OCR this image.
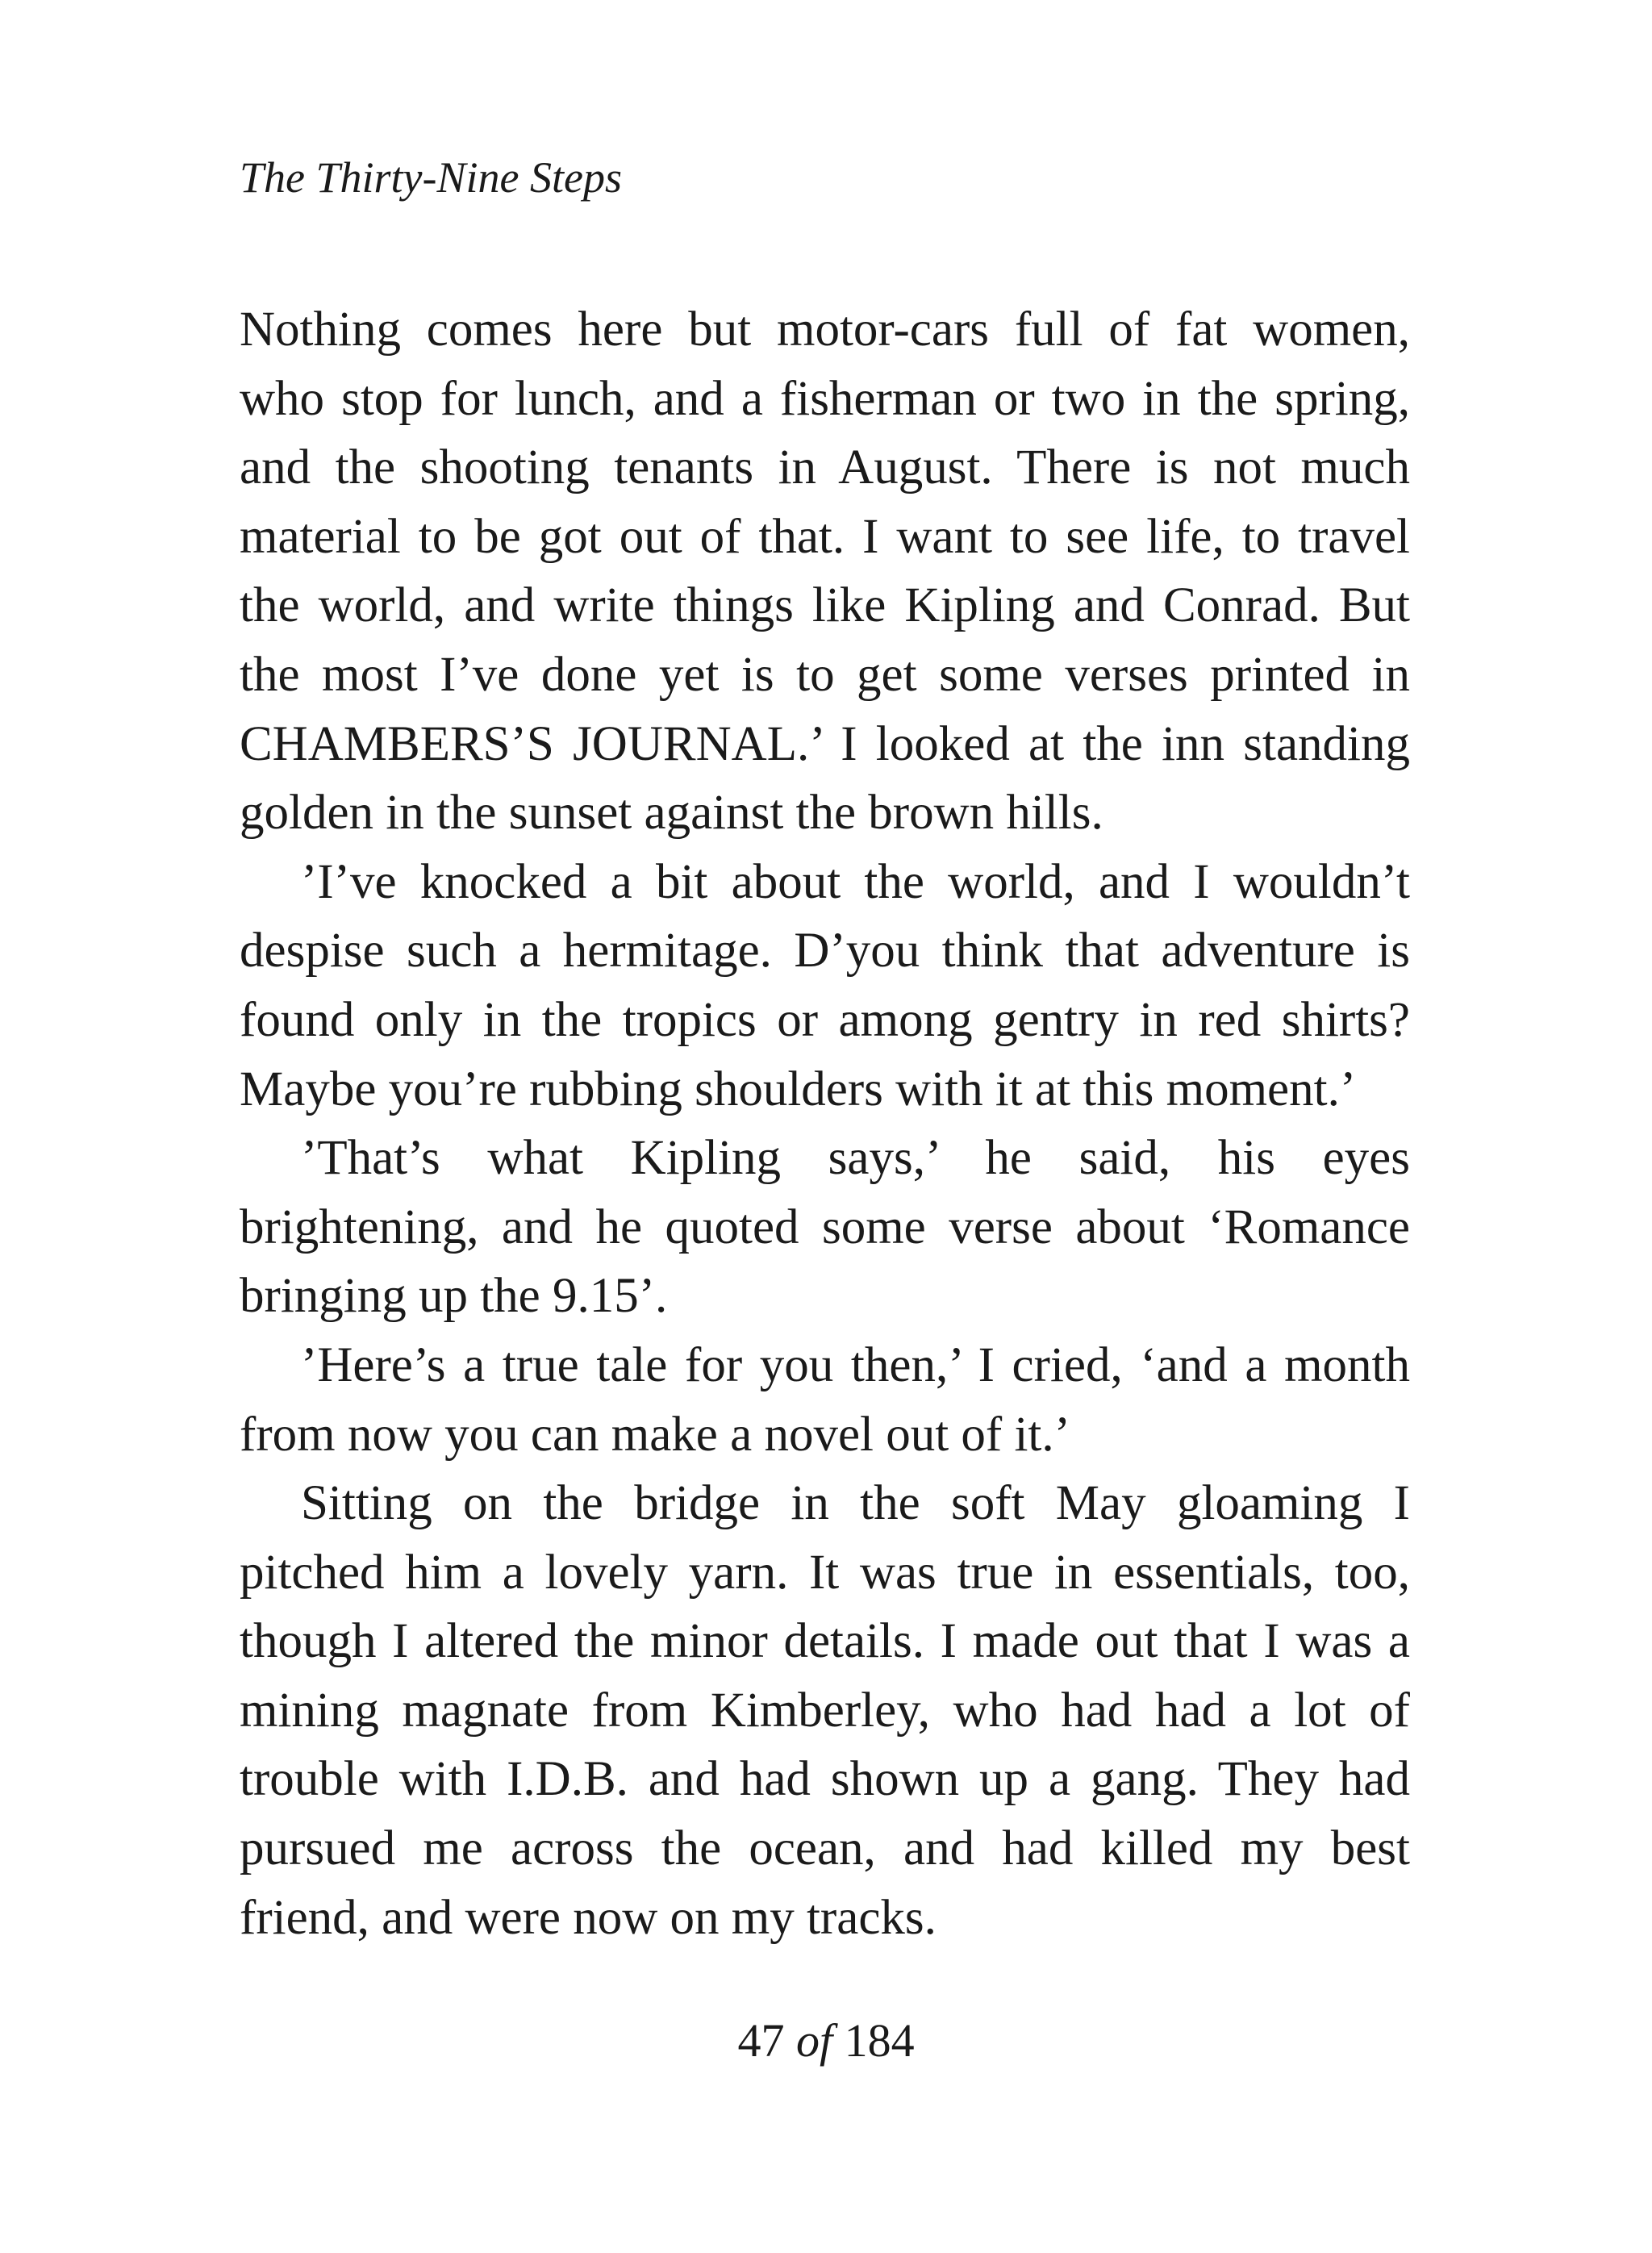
The Thirty-Nine Steps
Nothing comes here but motor-cars full of fat women,
who stop for lunch, and a fisherman or two in the spring,
and the shooting tenants in August. There is not much
material to be got out of that. I want to see life, to travel
the world, and write things like Kipling and Conrad. But
the most I’ve done yet is to get some verses printed in
CHAMBERS’S JOURNAL.’ I looked at the inn standing
golden in the sunset against the brown hills.
’I’ve knocked a bit about the world, and I wouldn’t
despise such a hermitage. D’you think that adventure is
found only in the tropics or among gentry in red shirts?
Maybe you’re rubbing shoulders with it at this moment.’
’That’s what Kipling says,’ he said, his eyes
brightening, and he quoted some verse about ‘Romance
bringing up the 9.15’.
’Here’s a true tale for you then,’ I cried, ‘and a month
from now you can make a novel out of it.’
Sitting on the bridge in the soft May gloaming I
pitched him a lovely yarn. It was true in essentials, too,
though I altered the minor details. I made out that I was a
mining magnate from Kimberley, who had had a lot of
trouble with I.D.B. and had shown up a gang. They had
pursued me across the ocean, and had killed my best
friend, and were now on my tracks.
47 of 184
